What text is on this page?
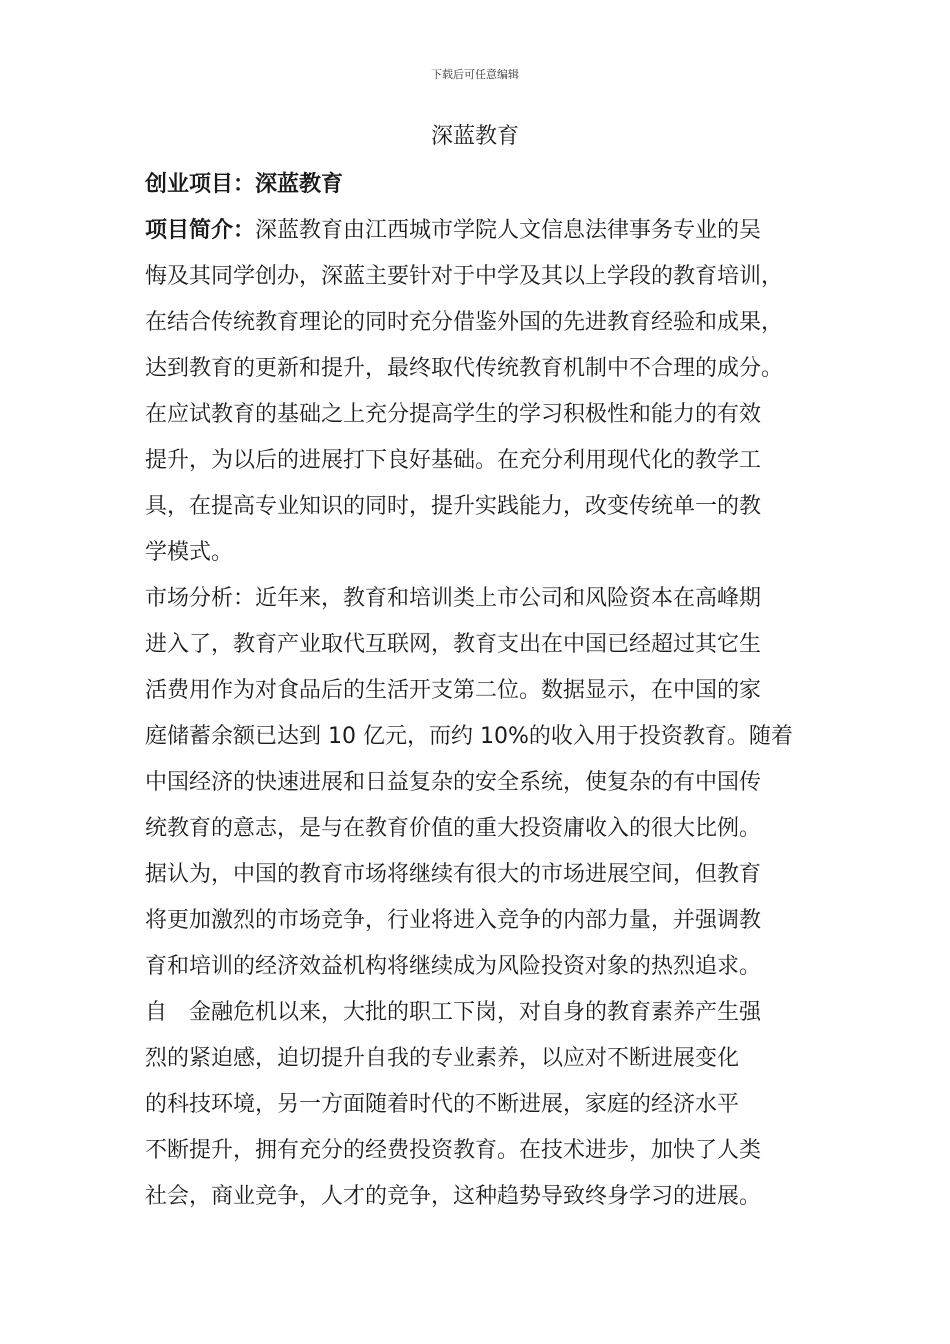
下载后可任意编辑
深蓝教育
创业项目：深蓝教育
项目简介：深蓝教育由江西城市学院人文信息法律事务专业的吴
悔及其同学创办，深蓝主要针对于中学及其以上学段的教育培训，
在结合传统教育理论的同时充分借鉴外国的先进教育经验和成果，
达到教育的更新和提升，最终取代传统教育机制中不合理的成分。
在应试教育的基础之上充分提高学生的学习积极性和能力的有效
提升，为以后的进展打下良好基础。在充分利用现代化的教学工
具，在提高专业知识的同时，提升实践能力，改变传统单一的教
学模式。
市场分析：近年来，教育和培训类上市公司和风险资本在高峰期
进入了，教育产业取代互联网，教育支出在中国已经超过其它生
活费用作为对食品后的生活开支第二位。数据显示，在中国的家
庭储蓄余额已达到 10 亿元，而约 10%的收入用于投资教育。随着
中国经济的快速进展和日益复杂的安全系统，使复杂的有中国传
统教育的意志，是与在教育价值的重大投资庸收入的很大比例。
据认为，中国的教育市场将继续有很大的市场进展空间，但教育
将更加激烈的市场竞争，行业将进入竞争的内部力量，并强调教
育和培训的经济效益机构将继续成为风险投资对象的热烈追求。
自　金融危机以来，大批的职工下岗，对自身的教育素养产生强
烈的紧迫感，迫切提升自我的专业素养，以应对不断进展变化
的科技环境，另一方面随着时代的不断进展，家庭的经济水平
不断提升，拥有充分的经费投资教育。在技术进步，加快了人类
社会，商业竞争，人才的竞争，这种趋势导致终身学习的进展。
